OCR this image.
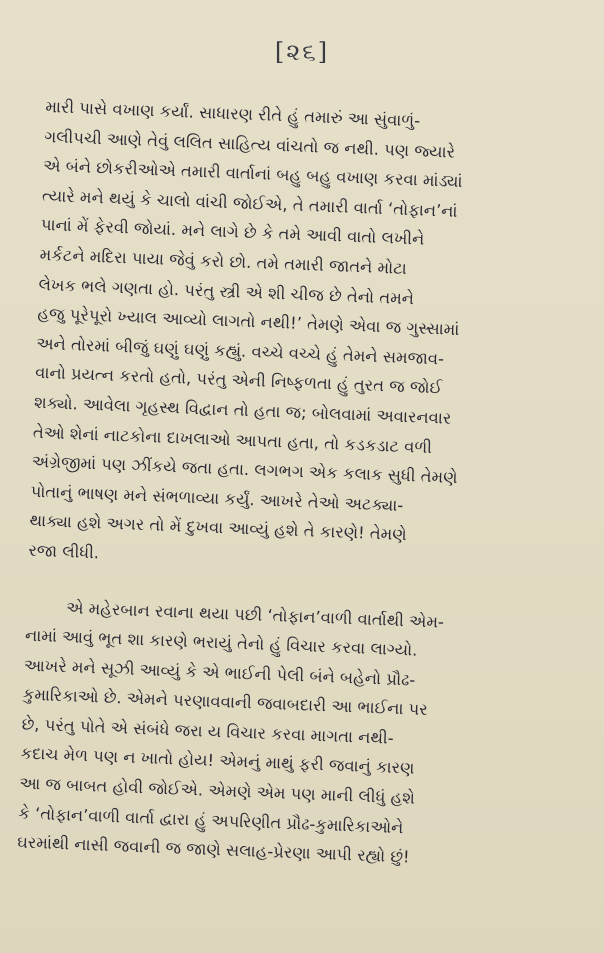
[૨૬]

મારી પાસે વખાણ કર્યાં. સાધારણ રીતે હું તમારું આ સુંવાળું-
ગલીપચી આણે તેવું લલિત સાહિત્ય વાંચતો જ નથી. પણ જ્યારે
એ બંને છોકરીઓએ તમારી વાર્તાનાં બહુ બહુ વખાણ કરવા માંડ્યાં
ત્યારે મને થયું કે ચાલો વાંચી જોઈએ, તે તમારી વાર્તા ‘તોફાન’નાં
પાનાં મેં ફેરવી જોયાં. મને લાગે છે કે તમે આવી વાતો લખીને
મર્કટને મદિરા પાયા જેવું કરો છો. તમે તમારી જાતને મોટા
લેખક ભલે ગણતા હો. પરંતુ સ્ત્રી એ શી ચીજ છે તેનો તમને
હજુ પૂરેપૂરો ખ્યાલ આવ્યો લાગતો નથી!’ તેમણે એવા જ ગુસ્સામાં
અને તોરમાં બીજું ઘણું ઘણું કહ્યું. વચ્ચે વચ્ચે હું તેમને સમજાવ-
વાનો પ્રયત્ન કરતો હતો, પરંતુ એની નિષ્ફળતા હું તુરત જ જોઈ
શક્યો. આવેલા ગૃહસ્થ વિદ્વાન તો હતા જ; બોલવામાં અવારનવાર
તેઓ શેનાં નાટકોના દાખલાઓ આપતા હતા, તો કડકડાટ વળી
અંગ્રેજીમાં પણ ઝીંકયે જતા હતા. લગભગ એક કલાક સુધી તેમણે
પોતાનું ભાષણ મને સંભળાવ્યા કર્યું. આખરે તેઓ અટક્યા-
થાક્યા હશે અગર તો મેં દુખવા આવ્યું હશે તે કારણે! તેમણે
રજા લીધી.

એ મહેરબાન રવાના થયા પછી ‘તોફાન’વાળી વાર્તાથી એમ-
નામાં આવું ભૂત શા કારણે ભરાયું તેનો હું વિચાર કરવા લાગ્યો.
આખરે મને સૂઝી આવ્યું કે એ ભાઈની પેલી બંને બહેનો પ્રૌઢ-
કુમારિકાઓ છે. એમને પરણાવવાની જવાબદારી આ ભાઈના પર
છે, પરંતુ પોતે એ સંબંધે જરા ય વિચાર કરવા માગતા નથી-
કદાચ મેળ પણ ન ખાતો હોય! એમનું માથું ફરી જવાનું કારણ
આ જ બાબત હોવી જોઈએ. એમણે એમ પણ માની લીધું હશે
કે ‘તોફાન’વાળી વાર્તા દ્વારા હું અપરિણીત પ્રૌઢ-કુમારિકાઓને
ઘરમાંથી નાસી જવાની જ જાણે સલાહ-પ્રેરણા આપી રહ્યો છું!
